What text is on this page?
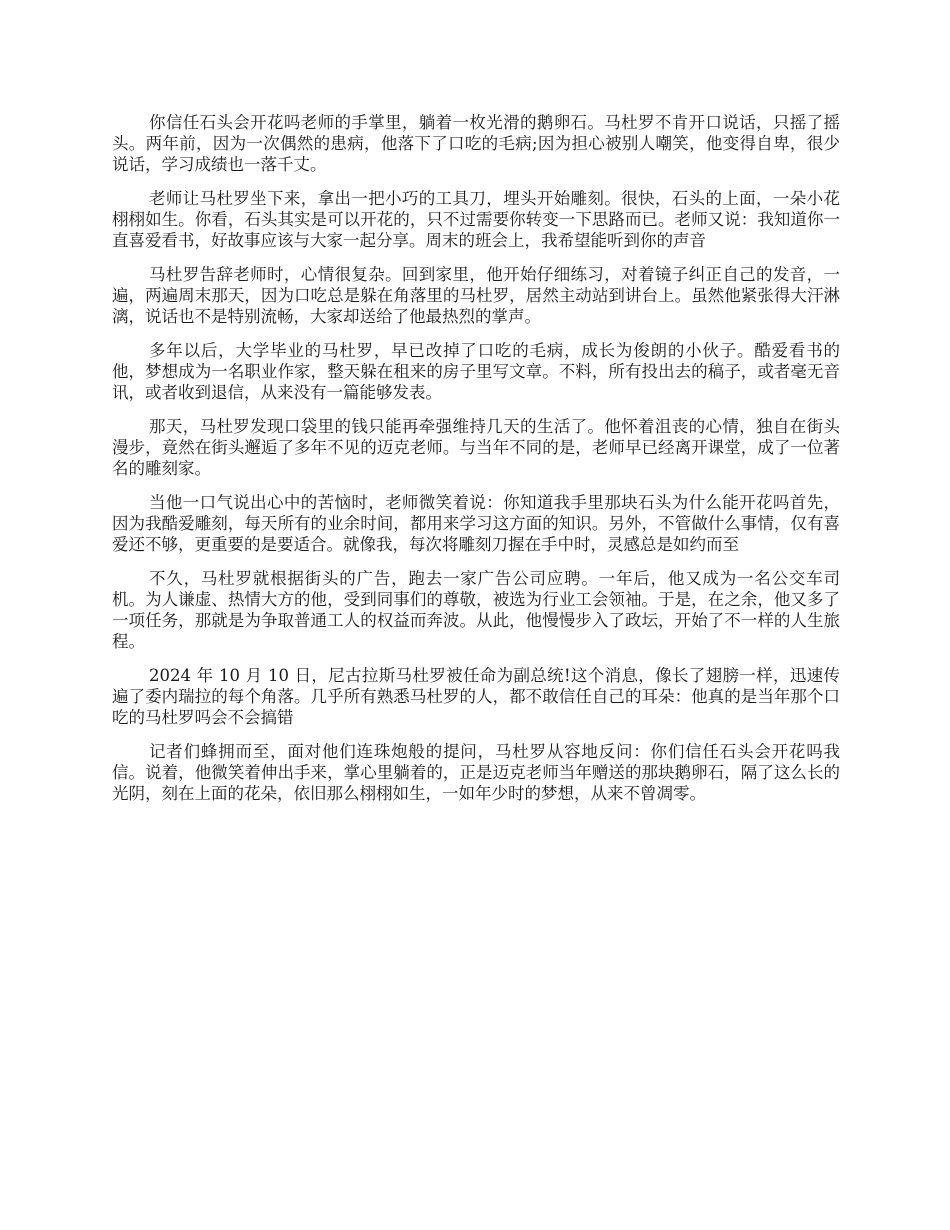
你信任石头会开花吗老师的手掌里，躺着一枚光滑的鹅卵石。马杜罗不肯开口说话，只摇了摇头。两年前，因为一次偶然的患病，他落下了口吃的毛病;因为担心被别人嘲笑，他变得自卑，很少说话，学习成绩也一落千丈。

老师让马杜罗坐下来，拿出一把小巧的工具刀，埋头开始雕刻。很快，石头的上面，一朵小花栩栩如生。你看，石头其实是可以开花的，只不过需要你转变一下思路而已。老师又说：我知道你一直喜爱看书，好故事应该与大家一起分享。周末的班会上，我希望能听到你的声音

马杜罗告辞老师时，心情很复杂。回到家里，他开始仔细练习，对着镜子纠正自己的发音，一遍，两遍周末那天，因为口吃总是躲在角落里的马杜罗，居然主动站到讲台上。虽然他紧张得大汗淋漓，说话也不是特别流畅，大家却送给了他最热烈的掌声。

多年以后，大学毕业的马杜罗，早已改掉了口吃的毛病，成长为俊朗的小伙子。酷爱看书的他，梦想成为一名职业作家，整天躲在租来的房子里写文章。不料，所有投出去的稿子，或者毫无音讯，或者收到退信，从来没有一篇能够发表。

那天，马杜罗发现口袋里的钱只能再牵强维持几天的生活了。他怀着沮丧的心情，独自在街头漫步，竟然在街头邂逅了多年不见的迈克老师。与当年不同的是，老师早已经离开课堂，成了一位著名的雕刻家。

当他一口气说出心中的苦恼时，老师微笑着说：你知道我手里那块石头为什么能开花吗首先，因为我酷爱雕刻，每天所有的业余时间，都用来学习这方面的知识。另外，不管做什么事情，仅有喜爱还不够，更重要的是要适合。就像我，每次将雕刻刀握在手中时，灵感总是如约而至

不久，马杜罗就根据街头的广告，跑去一家广告公司应聘。一年后，他又成为一名公交车司机。为人谦虚、热情大方的他，受到同事们的尊敬，被选为行业工会领袖。于是，在之余，他又多了一项任务，那就是为争取普通工人的权益而奔波。从此，他慢慢步入了政坛，开始了不一样的人生旅程。

2024 年 10 月 10 日，尼古拉斯马杜罗被任命为副总统!这个消息，像长了翅膀一样，迅速传遍了委内瑞拉的每个角落。几乎所有熟悉马杜罗的人，都不敢信任自己的耳朵：他真的是当年那个口吃的马杜罗吗会不会搞错

记者们蜂拥而至，面对他们连珠炮般的提问，马杜罗从容地反问：你们信任石头会开花吗我信。说着，他微笑着伸出手来，掌心里躺着的，正是迈克老师当年赠送的那块鹅卵石，隔了这么长的光阴，刻在上面的花朵，依旧那么栩栩如生，一如年少时的梦想，从来不曾凋零。
